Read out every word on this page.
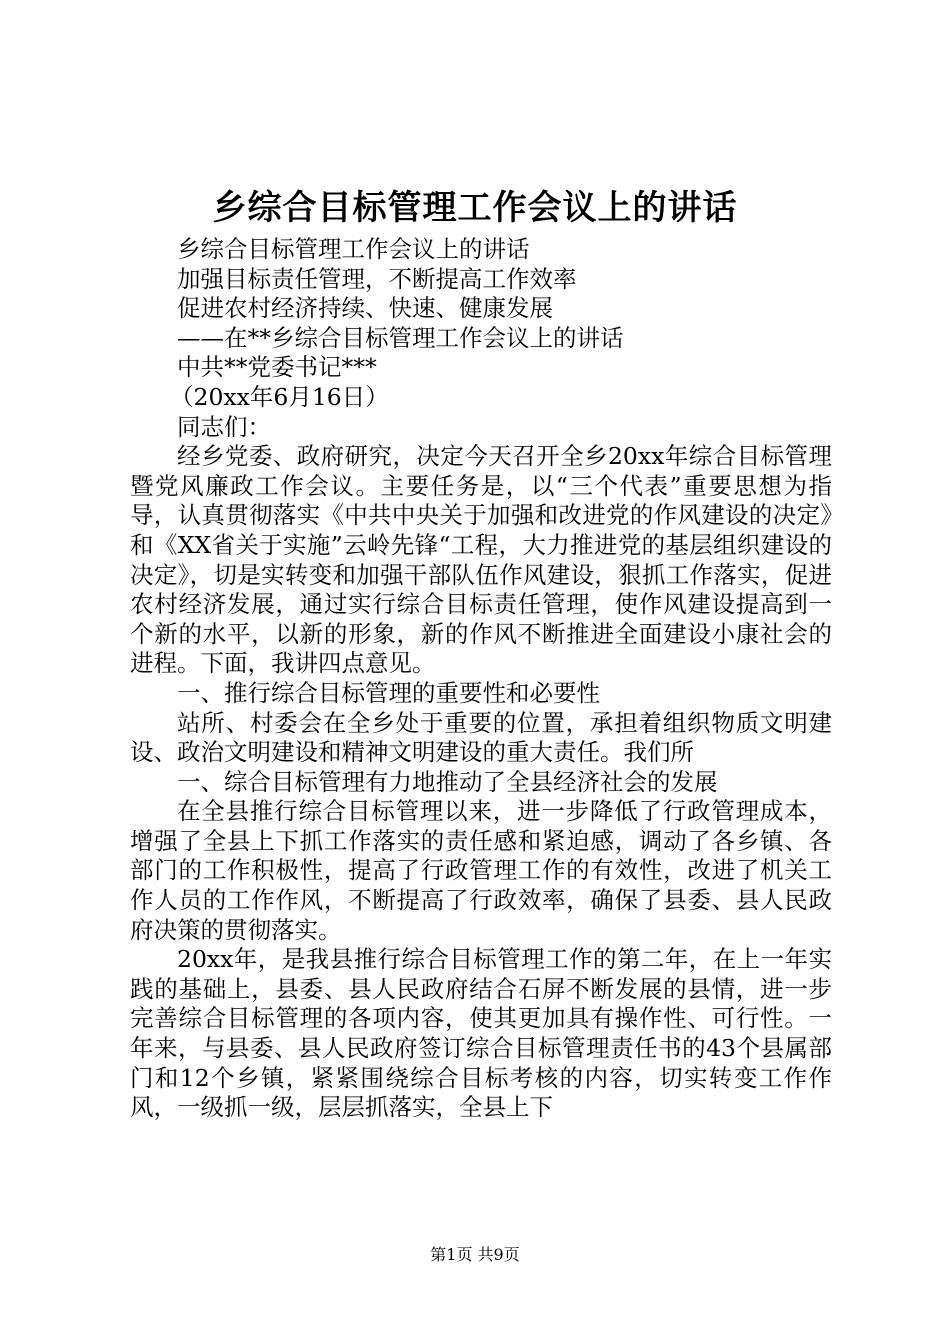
乡综合目标管理工作会议上的讲话

乡综合目标管理工作会议上的讲话

加强目标责任管理，不断提高工作效率

促进农村经济持续、快速、健康发展

——在**乡综合目标管理工作会议上的讲话

中共**党委书记***

（20xx年6月16日）

同志们：

经乡党委、政府研究，决定今天召开全乡20xx年综合目标管理暨党风廉政工作会议。主要任务是，以“三个代表”重要思想为指导，认真贯彻落实《中共中央关于加强和改进党的作风建设的决定》和《XX省关于实施”云岭先锋“工程，大力推进党的基层组织建设的决定》，切是实转变和加强干部队伍作风建设，狠抓工作落实，促进农村经济发展，通过实行综合目标责任管理，使作风建设提高到一个新的水平，以新的形象，新的作风不断推进全面建设小康社会的进程。下面，我讲四点意见。

一、推行综合目标管理的重要性和必要性

站所、村委会在全乡处于重要的位置，承担着组织物质文明建设、政治文明建设和精神文明建设的重大责任。我们所

一、综合目标管理有力地推动了全县经济社会的发展

在全县推行综合目标管理以来，进一步降低了行政管理成本，增强了全县上下抓工作落实的责任感和紧迫感，调动了各乡镇、各部门的工作积极性，提高了行政管理工作的有效性，改进了机关工作人员的工作作风，不断提高了行政效率，确保了县委、县人民政府决策的贯彻落实。

20xx年，是我县推行综合目标管理工作的第二年，在上一年实践的基础上，县委、县人民政府结合石屏不断发展的县情，进一步完善综合目标管理的各项内容，使其更加具有操作性、可行性。一年来，与县委、县人民政府签订综合目标管理责任书的43个县属部门和12个乡镇，紧紧围绕综合目标考核的内容，切实转变工作作风，一级抓一级，层层抓落实，全县上下

第1页 共9页
